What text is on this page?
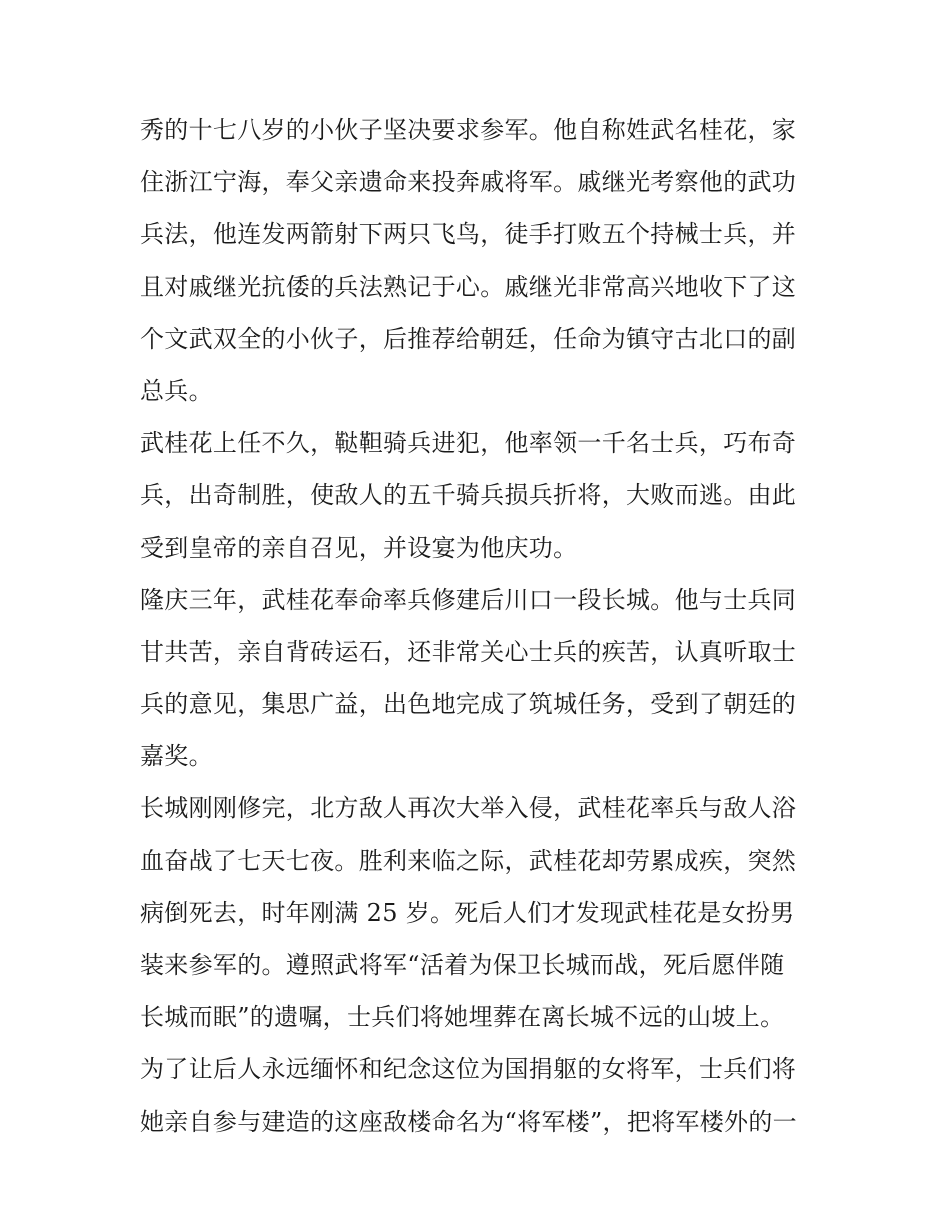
秀的十七八岁的小伙子坚决要求参军。他自称姓武名桂花，家
住浙江宁海，奉父亲遗命来投奔戚将军。戚继光考察他的武功
兵法，他连发两箭射下两只飞鸟，徒手打败五个持械士兵，并
且对戚继光抗倭的兵法熟记于心。戚继光非常高兴地收下了这
个文武双全的小伙子，后推荐给朝廷，任命为镇守古北口的副
总兵。
武桂花上任不久，鞑靼骑兵进犯，他率领一千名士兵，巧布奇
兵，出奇制胜，使敌人的五千骑兵损兵折将，大败而逃。由此
受到皇帝的亲自召见，并设宴为他庆功。
隆庆三年，武桂花奉命率兵修建后川口一段长城。他与士兵同
甘共苦，亲自背砖运石，还非常关心士兵的疾苦，认真听取士
兵的意见，集思广益，出色地完成了筑城任务，受到了朝廷的
嘉奖。
长城刚刚修完，北方敌人再次大举入侵，武桂花率兵与敌人浴
血奋战了七天七夜。胜利来临之际，武桂花却劳累成疾，突然
病倒死去，时年刚满 25 岁。死后人们才发现武桂花是女扮男
装来参军的。遵照武将军“活着为保卫长城而战，死后愿伴随
长城而眠”的遗嘱，士兵们将她埋葬在离长城不远的山坡上。
为了让后人永远缅怀和纪念这位为国捐躯的女将军，士兵们将
她亲自参与建造的这座敌楼命名为“将军楼”，把将军楼外的一
